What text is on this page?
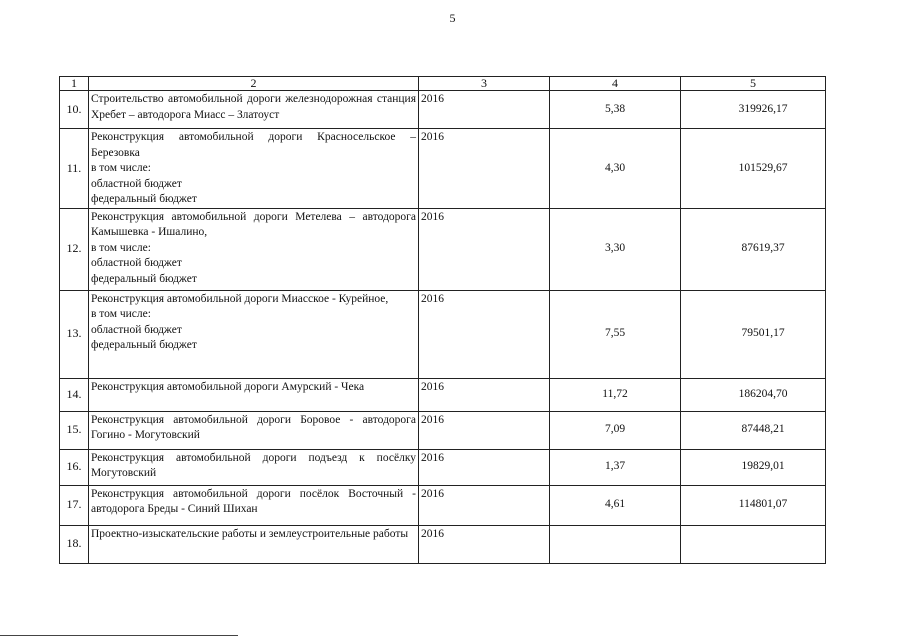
5
1	2	3	4	5
10.	Строительство автомобильной дороги железнодорожная станция Хребет – автодорога Миасс – Златоуст	2016	5,38	319926,17
11.	Реконструкция автомобильной дороги Красносельское – Березовка
в том числе:
областной бюджет
федеральный бюджет	2016	4,30	101529,67
12.	Реконструкция автомобильной дороги Метелева – автодорога Камышевка - Ишалино,
в том числе:
областной бюджет
федеральный бюджет	2016	3,30	87619,37
13.	Реконструкция автомобильной дороги Миасское - Курейное,
в том числе:
областной бюджет
федеральный бюджет	2016	7,55	79501,17
14.	Реконструкция автомобильной дороги Амурский - Чека	2016	11,72	186204,70
15.	Реконструкция автомобильной дороги Боровое - автодорога Гогино - Могутовский	2016	7,09	87448,21
16.	Реконструкция автомобильной дороги подъезд к посёлку Могутовский	2016	1,37	19829,01
17.	Реконструкция автомобильной дороги посёлок Восточный - автодорога Бреды - Синий Шихан	2016	4,61	114801,07
18.	Проектно-изыскательские работы и землеустроительные работы	2016		
